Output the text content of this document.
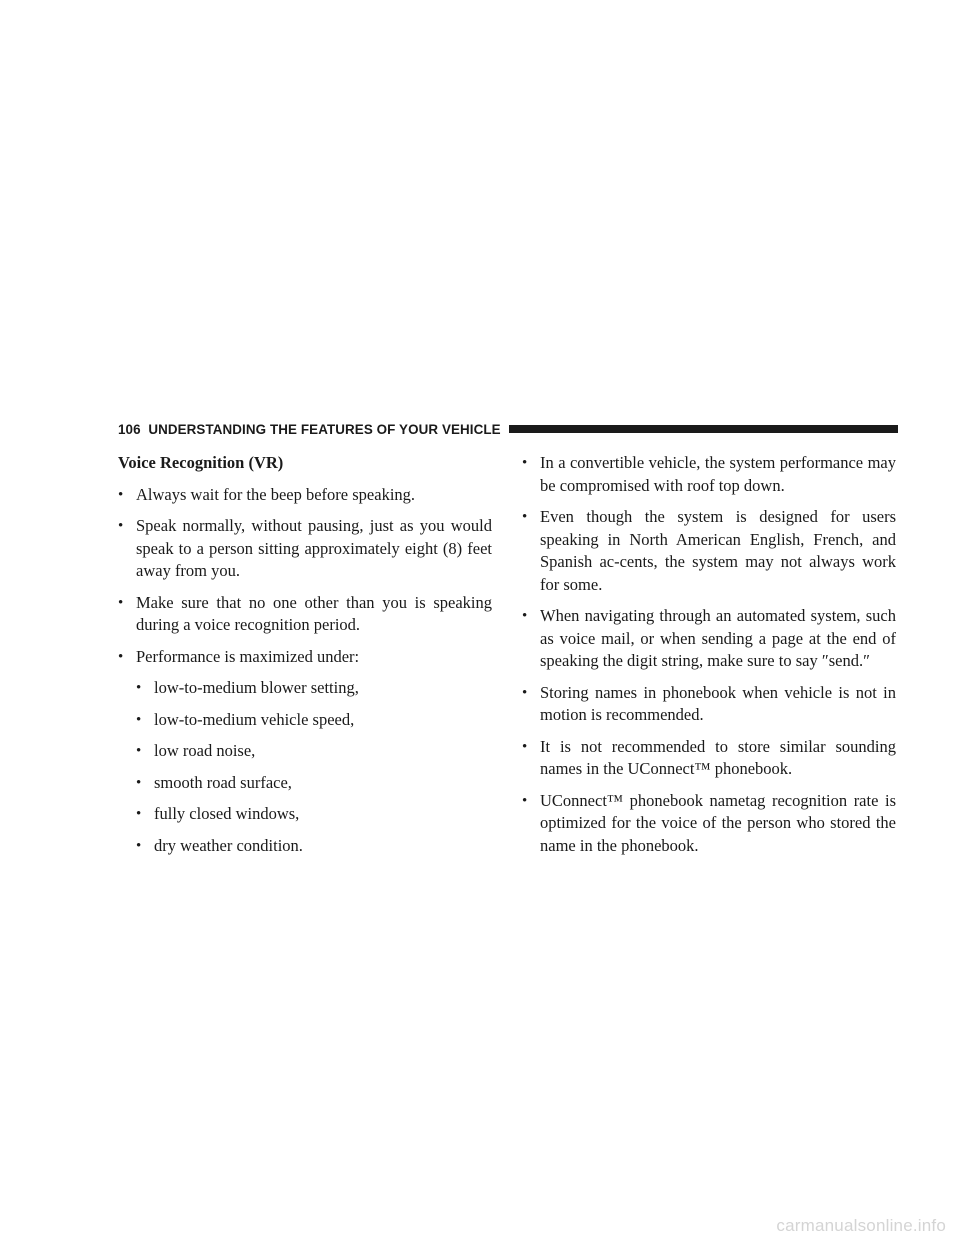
106 UNDERSTANDING THE FEATURES OF YOUR VEHICLE
Voice Recognition (VR)
• Always wait for the beep before speaking.
• Speak normally, without pausing, just as you would speak to a person sitting approximately eight (8) feet away from you.
• Make sure that no one other than you is speaking during a voice recognition period.
• Performance is maximized under:
• low-to-medium blower setting,
• low-to-medium vehicle speed,
• low road noise,
• smooth road surface,
• fully closed windows,
• dry weather condition.
• In a convertible vehicle, the system performance may be compromised with roof top down.
• Even though the system is designed for users speaking in North American English, French, and Spanish ac-cents, the system may not always work for some.
• When navigating through an automated system, such as voice mail, or when sending a page at the end of speaking the digit string, make sure to say ″send.″
• Storing names in phonebook when vehicle is not in motion is recommended.
• It is not recommended to store similar sounding names in the UConnect™ phonebook.
• UConnect™ phonebook nametag recognition rate is optimized for the voice of the person who stored the name in the phonebook.
carmanualsonline.info
